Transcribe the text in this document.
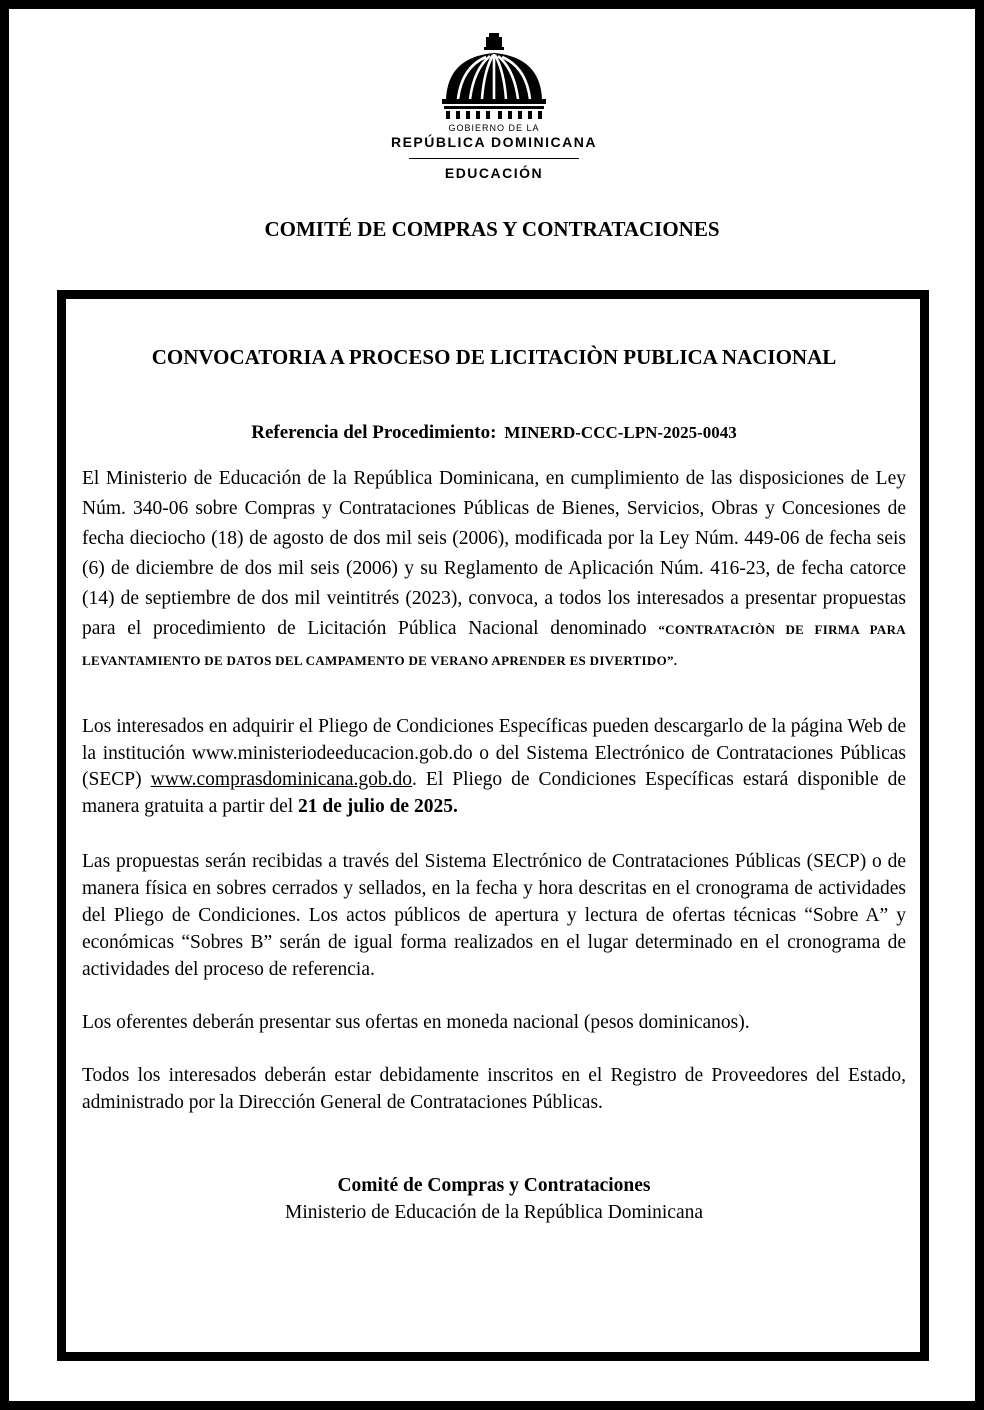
GOBIERNO DE LA
REPÚBLICA DOMINICANA
EDUCACIÓN
COMITÉ DE COMPRAS Y CONTRATACIONES
CONVOCATORIA A PROCESO DE LICITACIÒN PUBLICA NACIONAL
Referencia del Procedimiento: MINERD-CCC-LPN-2025-0043

El Ministerio de Educación de la República Dominicana, en cumplimiento de las disposiciones de Ley Núm. 340-06 sobre Compras y Contrataciones Públicas de Bienes, Servicios, Obras y Concesiones de fecha dieciocho (18) de agosto de dos mil seis (2006), modificada por la Ley Núm. 449-06 de fecha seis (6) de diciembre de dos mil seis (2006) y su Reglamento de Aplicación Núm. 416-23, de fecha catorce (14) de septiembre de dos mil veintitrés (2023), convoca, a todos los interesados a presentar propuestas para el procedimiento de Licitación Pública Nacional denominado “CONTRATACIÒN DE FIRMA PARA LEVANTAMIENTO DE DATOS DEL CAMPAMENTO DE VERANO APRENDER ES DIVERTIDO”.

Los interesados en adquirir el Pliego de Condiciones Específicas pueden descargarlo de la página Web de la institución www.ministeriodeeducacion.gob.do o del Sistema Electrónico de Contrataciones Públicas (SECP) www.comprasdominicana.gob.do. El Pliego de Condiciones Específicas estará disponible de manera gratuita a partir del 21 de julio de 2025.

Las propuestas serán recibidas a través del Sistema Electrónico de Contrataciones Públicas (SECP) o de manera física en sobres cerrados y sellados, en la fecha y hora descritas en el cronograma de actividades del Pliego de Condiciones. Los actos públicos de apertura y lectura de ofertas técnicas “Sobre A” y económicas “Sobres B” serán de igual forma realizados en el lugar determinado en el cronograma de actividades del proceso de referencia.

Los oferentes deberán presentar sus ofertas en moneda nacional (pesos dominicanos).

Todos los interesados deberán estar debidamente inscritos en el Registro de Proveedores del Estado, administrado por la Dirección General de Contrataciones Públicas.

Comité de Compras y Contrataciones
Ministerio de Educación de la República Dominicana
